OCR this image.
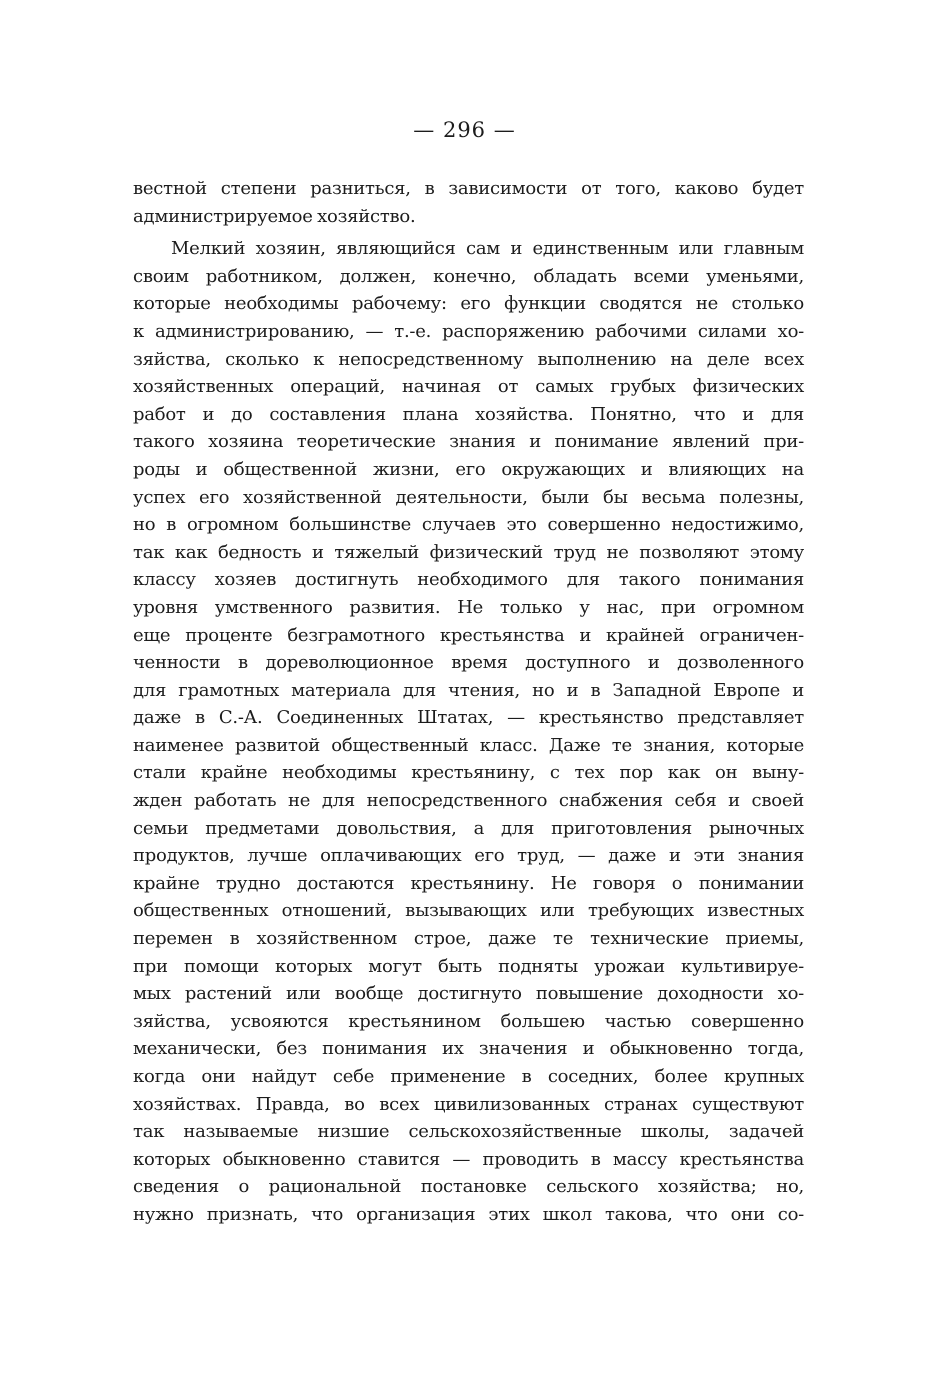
— 296 —
вестной степени разниться, в зависимости от того, каково будет
администрируемое хозяйство.
Мелкий хозяин, являющийся сам и единственным или главным
своим работником, должен, конечно, обладать всеми уменьями,
которые необходимы рабочему: его функции сводятся не столько
к администрированию, — т.-е. распоряжению рабочими силами хо-
зяйства, сколько к непосредственному выполнению на деле всех
хозяйственных операций, начиная от самых грубых физических
работ и до составления плана хозяйства. Понятно, что и для
такого хозяина теоретические знания и понимание явлений при-
роды и общественной жизни, его окружающих и влияющих на
успех его хозяйственной деятельности, были бы весьма полезны,
но в огромном большинстве случаев это совершенно недостижимо,
так как бедность и тяжелый физический труд не позволяют этому
классу хозяев достигнуть необходимого для такого понимания
уровня умственного развития. Не только у нас, при огромном
еще проценте безграмотного крестьянства и крайней ограничен-
ченности в дореволюционное время доступного и дозволенного
для грамотных материала для чтения, но и в Западной Европе и
даже в С.-А. Соединенных Штатах, — крестьянство представляет
наименее развитой общественный класс. Даже те знания, которые
стали крайне необходимы крестьянину, с тех пор как он выну-
жден работать не для непосредственного снабжения себя и своей
семьи предметами довольствия, а для приготовления рыночных
продуктов, лучше оплачивающих его труд, — даже и эти знания
крайне трудно достаются крестьянину. Не говоря о понимании
общественных отношений, вызывающих или требующих известных
перемен в хозяйственном строе, даже те технические приемы,
при помощи которых могут быть подняты урожаи культивируе-
мых растений или вообще достигнуто повышение доходности хо-
зяйства, усвояются крестьянином большею частью совершенно
механически, без понимания их значения и обыкновенно тогда,
когда они найдут себе применение в соседних, более крупных
хозяйствах. Правда, во всех цивилизованных странах существуют
так называемые низшие сельскохозяйственные школы, задачей
которых обыкновенно ставится — проводить в массу крестьянства
сведения о рациональной постановке сельского хозяйства; но,
нужно признать, что организация этих школ такова, что они со-
